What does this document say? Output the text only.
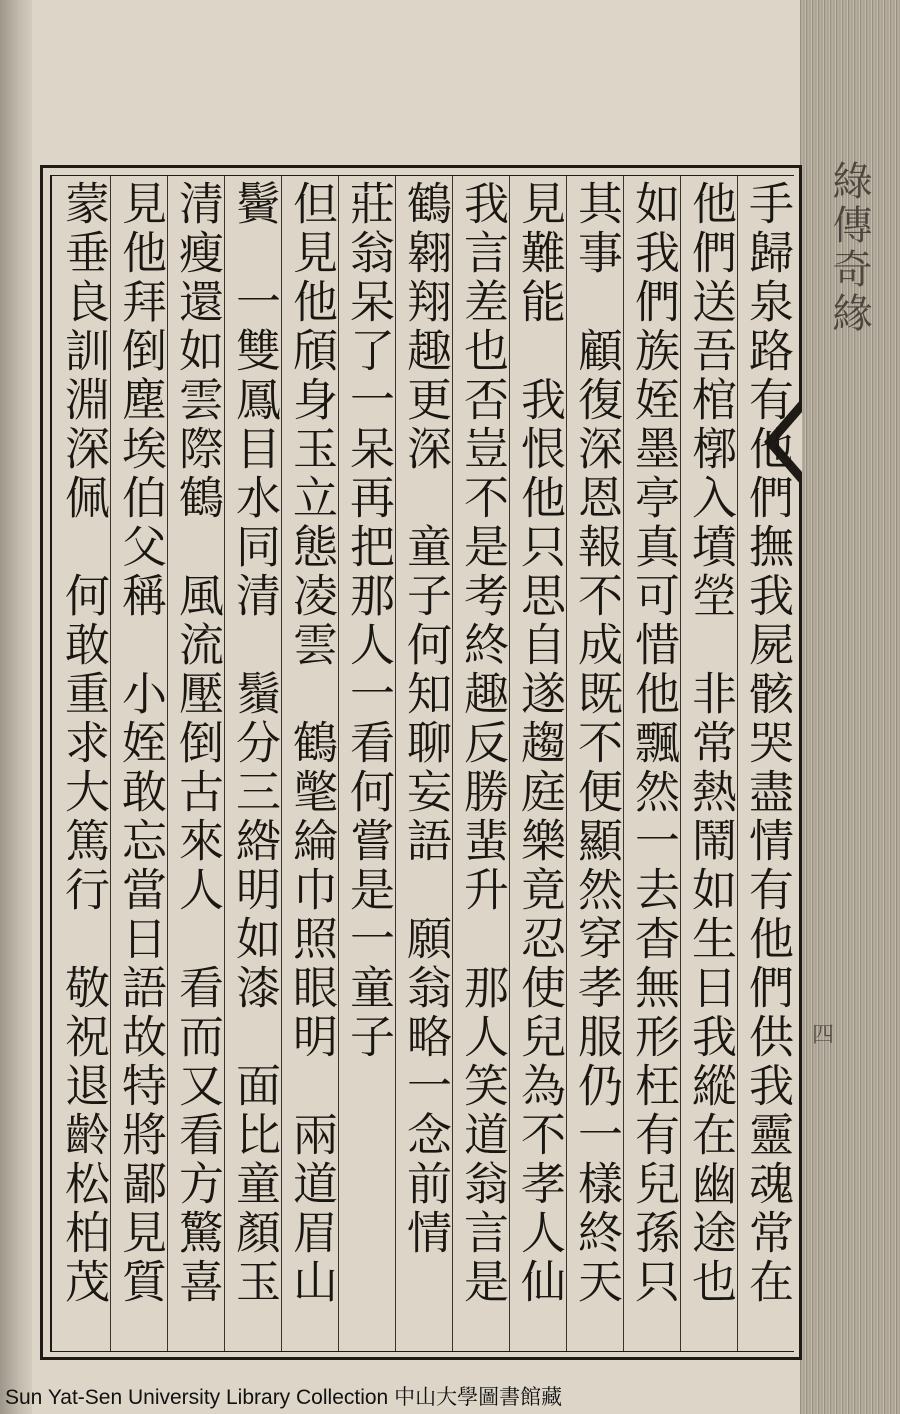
綠傳奇緣
四
手歸泉路有他們撫我屍骸哭盡情有他們供我靈魂常在
他們送吾棺槨入墳塋　非常熱鬧如生日我縱在幽途也
如我們族姪墨亭真可惜他飄然一去杳無形枉有兒孫只
其事　顧復深恩報不成既不便顯然穿孝服仍一樣終天
見難能　我恨他只思自遂趨庭樂竟忍使兒為不孝人仙
我言差也否豈不是考終趣反勝蜚升　那人笑道翁言是
鶴翱翔趣更深　童子何知聊妄語　願翁略一念前情
莊翁呆了一呆再把那人一看何嘗是一童子
但見他頎身玉立態凌雲　鶴氅綸巾照眼明　兩道眉山
鬢　一雙鳳目水同清　鬚分三綹明如漆　面比童顏玉
清瘦還如雲際鶴　風流壓倒古來人　看而又看方驚喜
見他拜倒塵埃伯父稱　小姪敢忘當日語故特將鄙見質
蒙垂良訓淵深佩　何敢重求大篤行　敬祝退齡松柏茂
Sun Yat-Sen University Library Collection 中山大學圖書館藏
